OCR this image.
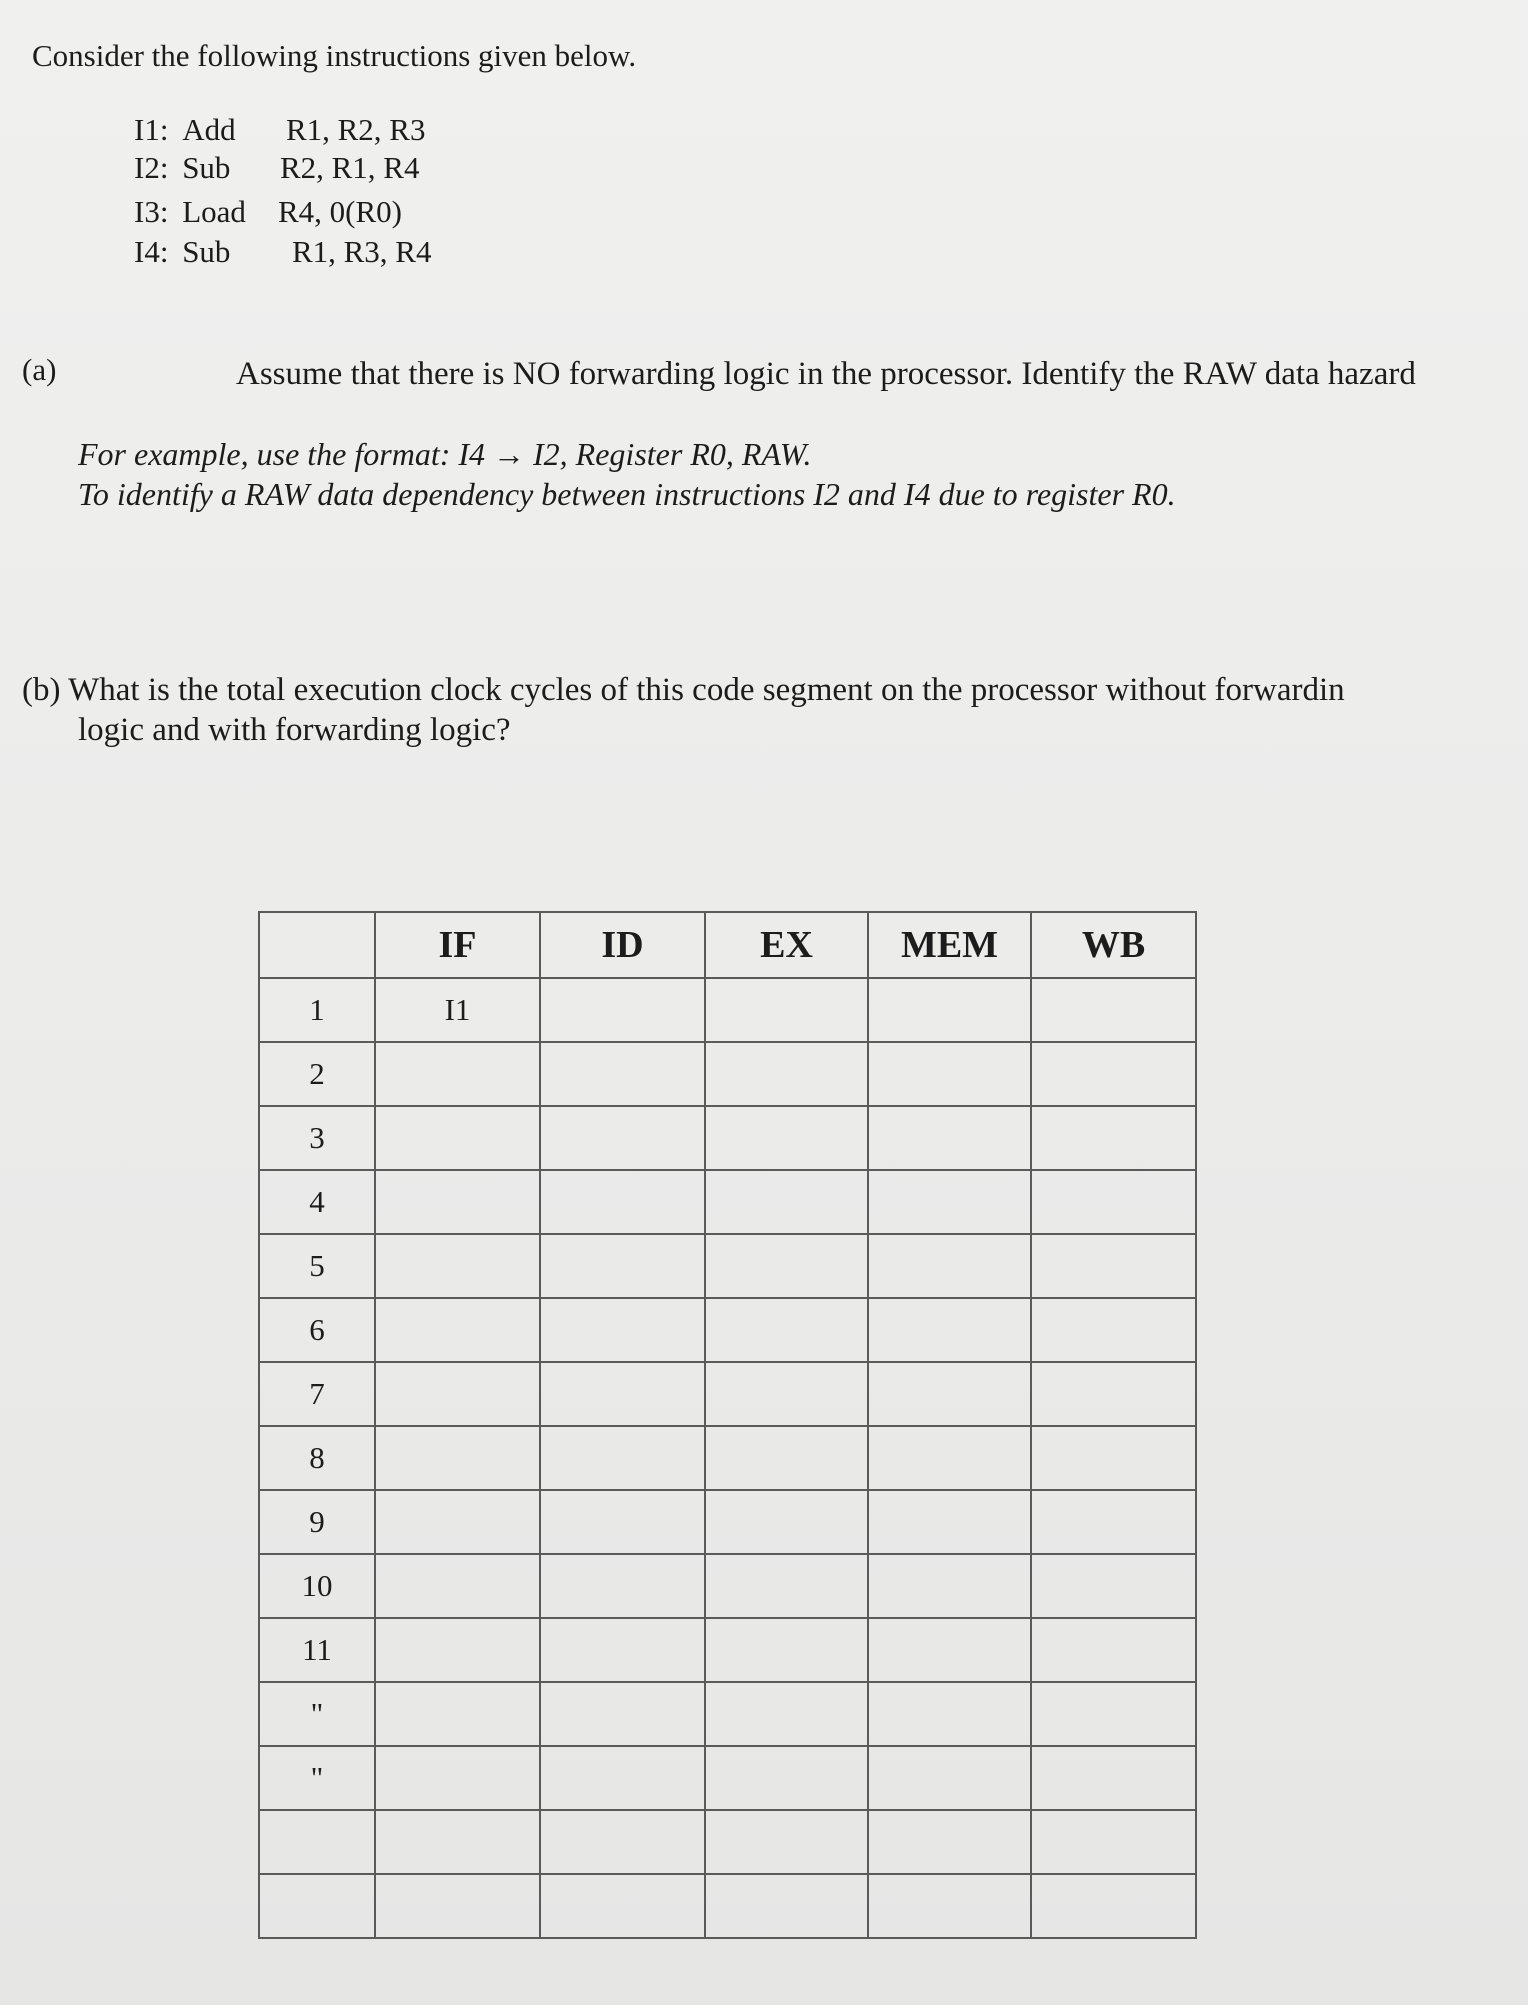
Consider the following instructions given below.
I1: Add R1, R2, R3
I2: Sub R2, R1, R4
I3: Load R4, 0(R0)
I4: Sub R1, R3, R4
(a)	Assume that there is NO forwarding logic in the processor. Identify the RAW data hazard
For example, use the format: I4 → I2, Register R0, RAW.
To identify a RAW data dependency between instructions I2 and I4 due to register R0.
(b) What is the total execution clock cycles of this code segment on the processor without forwardin
logic and with forwarding logic?
	IF	ID	EX	MEM	WB
1	I1				
2					
3					
4					
5					
6					
7					
8					
9					
10					
11					
"					
"					
